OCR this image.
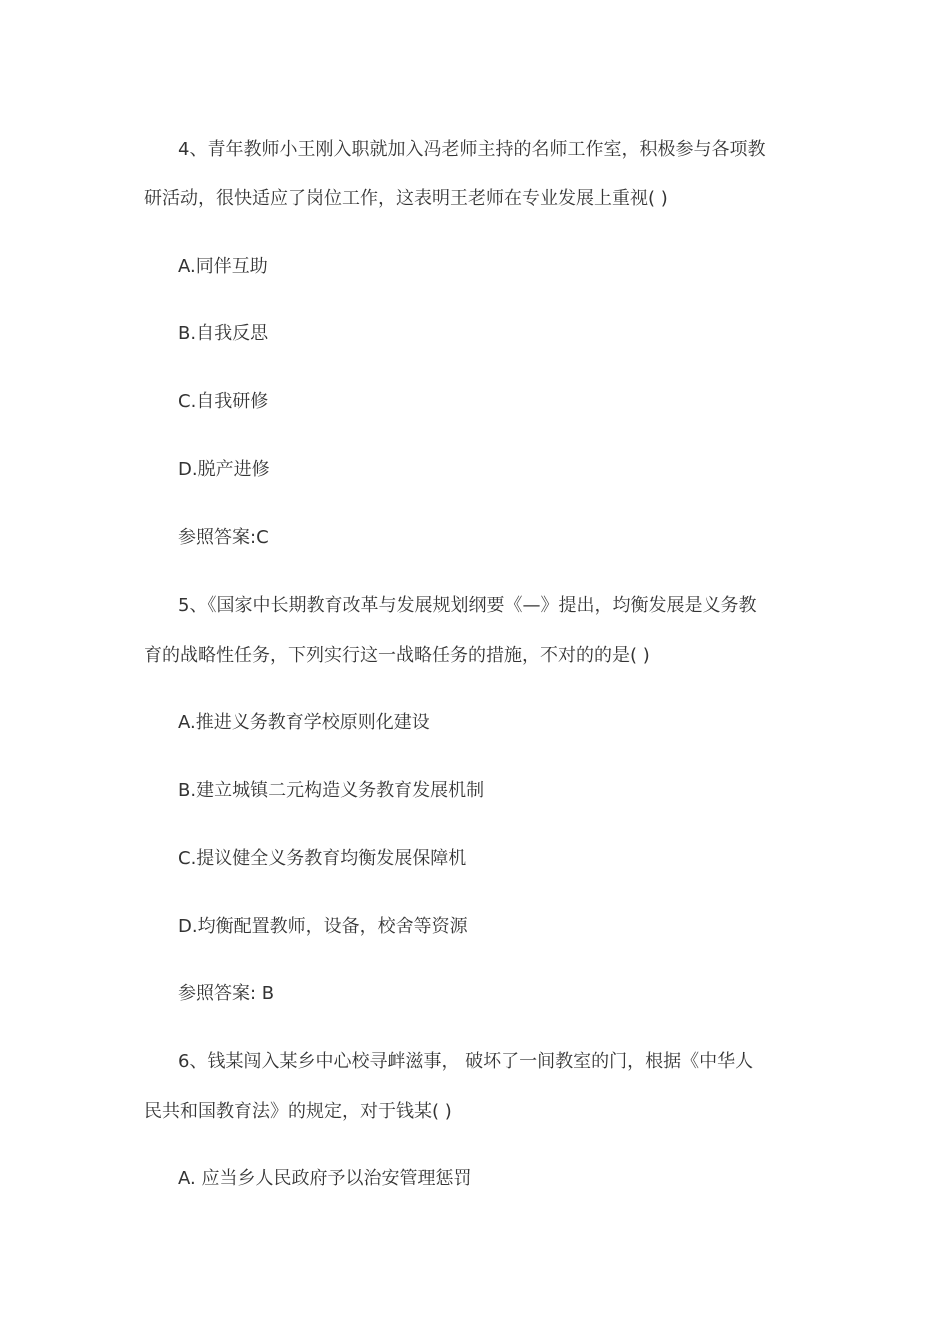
4、青年教师小王刚入职就加入冯老师主持的名师工作室，积极参与各项教
研活动，很快适应了岗位工作，这表明王老师在专业发展上重视( )
A.同伴互助
B.自我反思
C.自我研修
D.脱产进修
参照答案:C
5、《国家中长期教育改革与发展规划纲要《—》提出，均衡发展是义务教
育的战略性任务，下列实行这一战略任务的措施，不对的的是( )
A.推进义务教育学校原则化建设
B.建立城镇二元构造义务教育发展机制
C.提议健全义务教育均衡发展保障机
D.均衡配置教师，设备，校舍等资源
参照答案: B
6、钱某闯入某乡中心校寻衅滋事， 破坏了一间教室的门，根据《中华人
民共和国教育法》的规定，对于钱某( )
A. 应当乡人民政府予以治安管理惩罚
